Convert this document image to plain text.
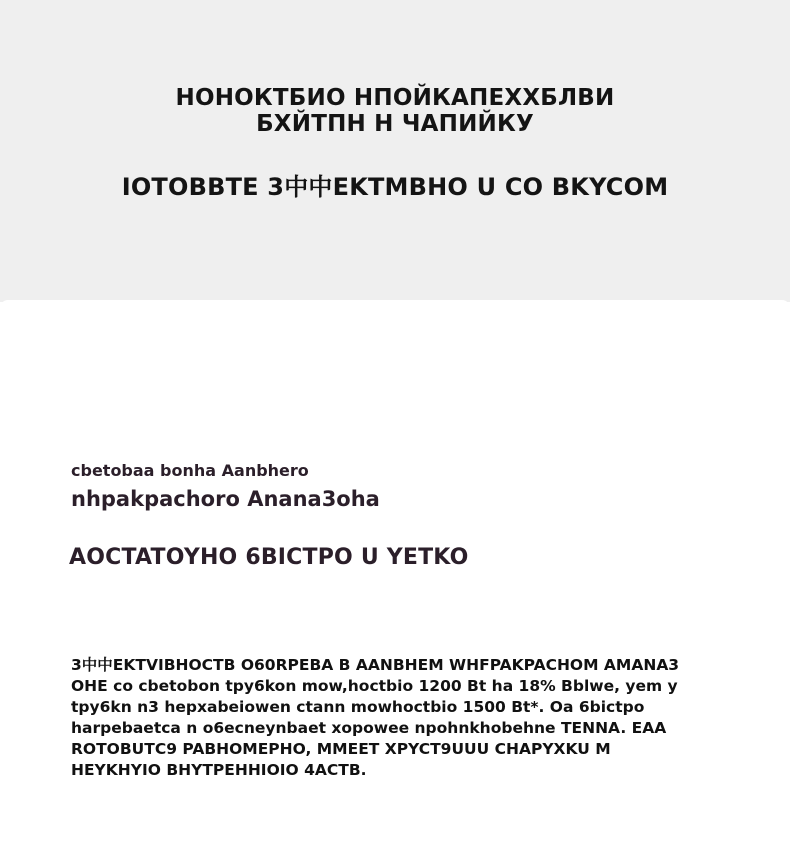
НОНОКТБИО НПОЙКАПЕХХБЛВИ
БХЙТПН Н ЧАПИЙКУ
IOTOBBTE 3中中EKTMBHO U CO BKYCOM
cbetobaa bonha Aanbhero
nhpakpachoro Anana3oha
AOCTATOYHO 6BICTPO U YETKO
3中中EKTVIBHOCTB O60RPEBA B AANBHEM WHFPAKPACHOM AMANA3
OHE co cbetobon tpy6kon mow,hoctbio 1200 Bt ha 18% Bblwe, yem y
tpy6kn n3 hepxabeiowen ctann mowhoctbio 1500 Bt*. Oa 6bictpo
harpebaetca n o6ecneynbaet xopowee npohnkhobehne TENNA. EAA
ROTOBUTC9 PABHOMEPHO, MMEET XPYCT9UUU CHAPYXKU M
HEYKHYIO BHYTPEHHIOIO 4ACTB.
